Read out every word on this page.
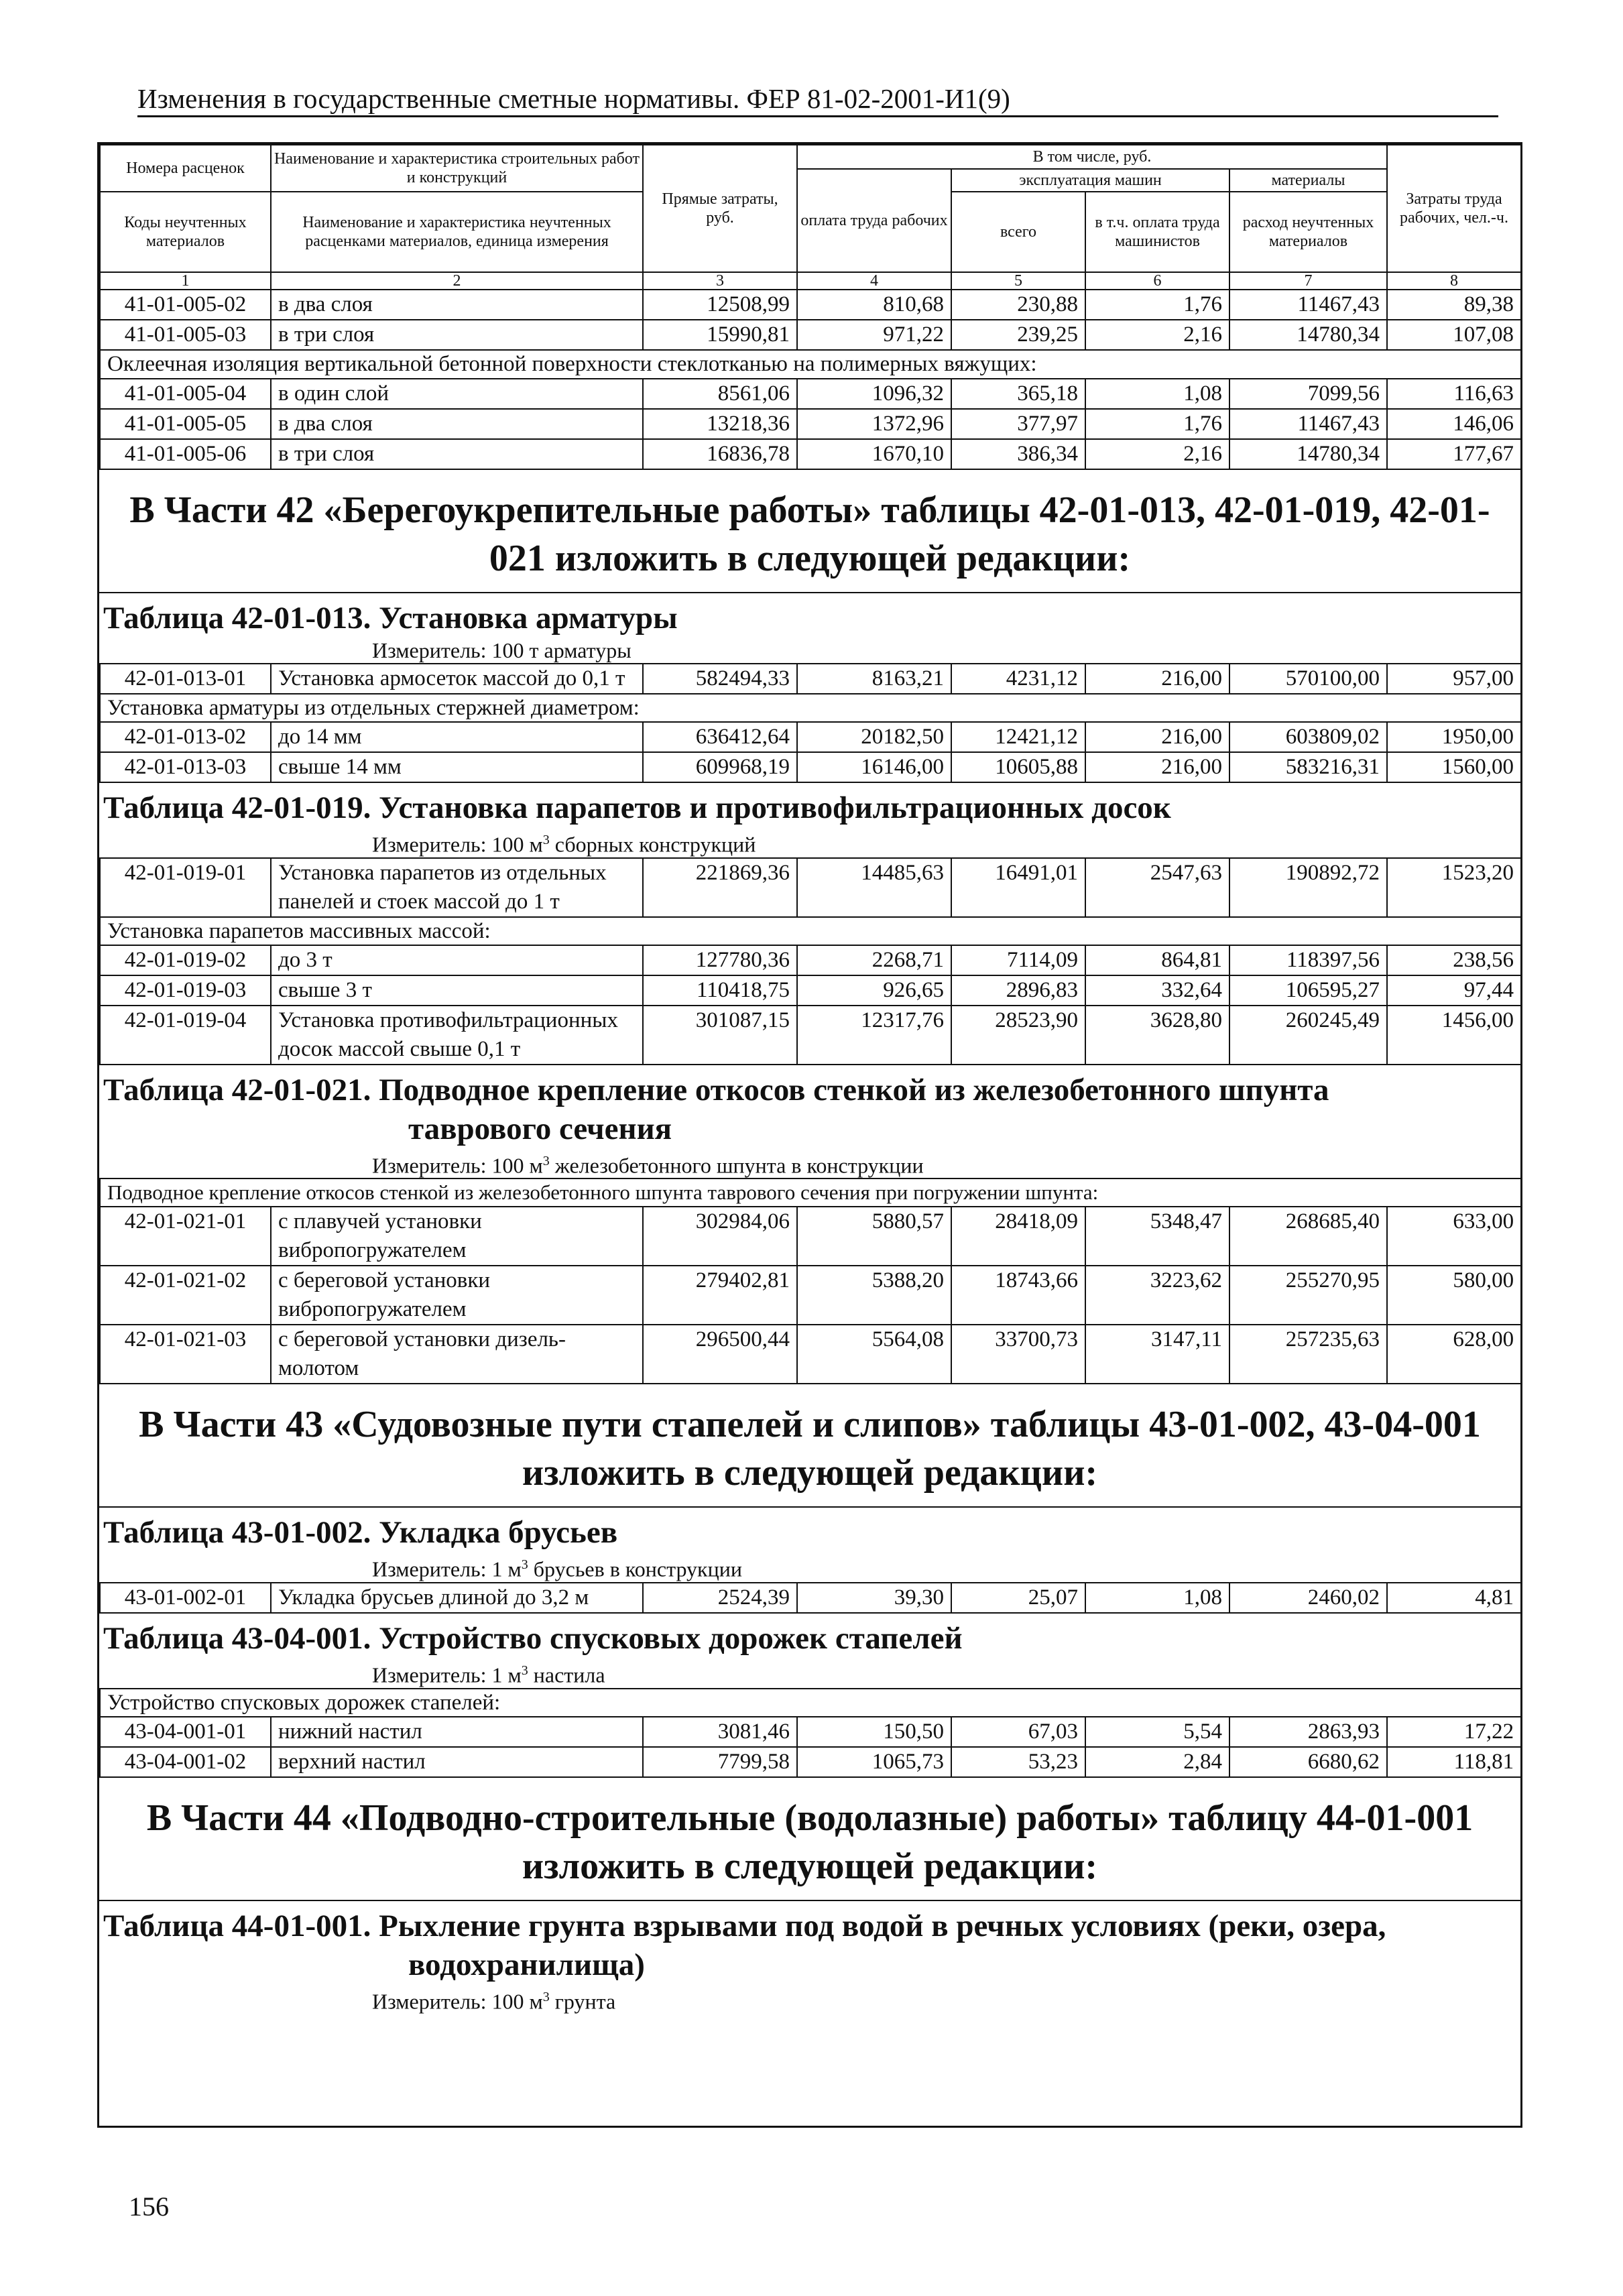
Изменения в государственные сметные нормативы. ФЕР 81-02-2001-И1(9)
Номера расценок	Наименование и характеристика строительных работ и конструкций	Прямые затраты, руб.	В том числе, руб.				Затраты труда рабочих, чел.-ч.
			оплата труда рабочих	эксплуатация машин		материалы	
Коды неучтенных материалов	Наименование и характеристика неучтенных расценками материалов, единица измерения			всего	в т.ч. оплата труда машинистов	расход неучтенных материалов	

1	2	3	4	5	6	7	8
41-01-005-02	в два слоя	12508,99	810,68	230,88	1,76	11467,43	89,38
41-01-005-03	в три слоя	15990,81	971,22	239,25	2,16	14780,34	107,08
Оклеечная изоляция вертикальной бетонной поверхности стеклотканью на полимерных вяжущих:							
41-01-005-04	в один слой	8561,06	1096,32	365,18	1,08	7099,56	116,63
41-01-005-05	в два слоя	13218,36	1372,96	377,97	1,76	11467,43	146,06
41-01-005-06	в три слоя	16836,78	1670,10	386,34	2,16	14780,34	177,67
В Части 42 «Берегоукрепительные работы» таблицы 42-01-013, 42-01-019, 42-01-021 изложить в следующей редакции:
Таблица 42-01-013. Установка арматуры
Измеритель: 100 т арматуры
42-01-013-01	Установка армосеток массой до 0,1 т	582494,33	8163,21	4231,12	216,00	570100,00	957,00
Установка арматуры из отдельных стержней диаметром:							
42-01-013-02	до 14 мм	636412,64	20182,50	12421,12	216,00	603809,02	1950,00
42-01-013-03	свыше 14 мм	609968,19	16146,00	10605,88	216,00	583216,31	1560,00
Таблица 42-01-019. Установка парапетов и противофильтрационных досок
Измеритель: 100 $м^3$ сборных конструкций
42-01-019-01	Установка парапетов из отдельных панелей и стоек массой до 1 т	221869,36	14485,63	16491,01	2547,63	190892,72	1523,20
Установка парапетов массивных массой:							
42-01-019-02	до 3 т	127780,36	2268,71	7114,09	864,81	118397,56	238,56
42-01-019-03	свыше 3 т	110418,75	926,65	2896,83	332,64	106595,27	97,44
42-01-019-04	Установка противофильтрационных досок массой свыше 0,1 т	301087,15	12317,76	28523,90	3628,80	260245,49	1456,00
Таблица 42-01-021. Подводное крепление откосов стенкой из железобетонного шпунта
таврового сечения
Измеритель: 100 $м^3$ железобетонного шпунта в конструкции
Подводное крепление откосов стенкой из железобетонного шпунта таврового сечения при погружении шпунта:							
42-01-021-01	с плавучей установки вибропогружателем	302984,06	5880,57	28418,09	5348,47	268685,40	633,00
42-01-021-02	с береговой установки вибропогружателем	279402,81	5388,20	18743,66	3223,62	255270,95	580,00
42-01-021-03	с береговой установки дизель-молотом	296500,44	5564,08	33700,73	3147,11	257235,63	628,00
В Части 43 «Судовозные пути стапелей и слипов» таблицы 43-01-002, 43-04-001 изложить в следующей редакции:
Таблица 43-01-002. Укладка брусьев
Измеритель: 1 $м^3$ брусьев в конструкции
43-01-002-01	Укладка брусьев длиной до 3,2 м	2524,39	39,30	25,07	1,08	2460,02	4,81
Таблица 43-04-001. Устройство спусковых дорожек стапелей
Измеритель: 1 $м^3$ настила
Устройство спусковых дорожек стапелей:							
43-04-001-01	нижний настил	3081,46	150,50	67,03	5,54	2863,93	17,22
43-04-001-02	верхний настил	7799,58	1065,73	53,23	2,84	6680,62	118,81
В Части 44 «Подводно-строительные (водолазные) работы» таблицу 44-01-001 изложить в следующей редакции:
Таблица 44-01-001. Рыхление грунта взрывами под водой в речных условиях (реки, озера,
водохранилища)
Измеритель: 100 $м^3$ грунта
156
